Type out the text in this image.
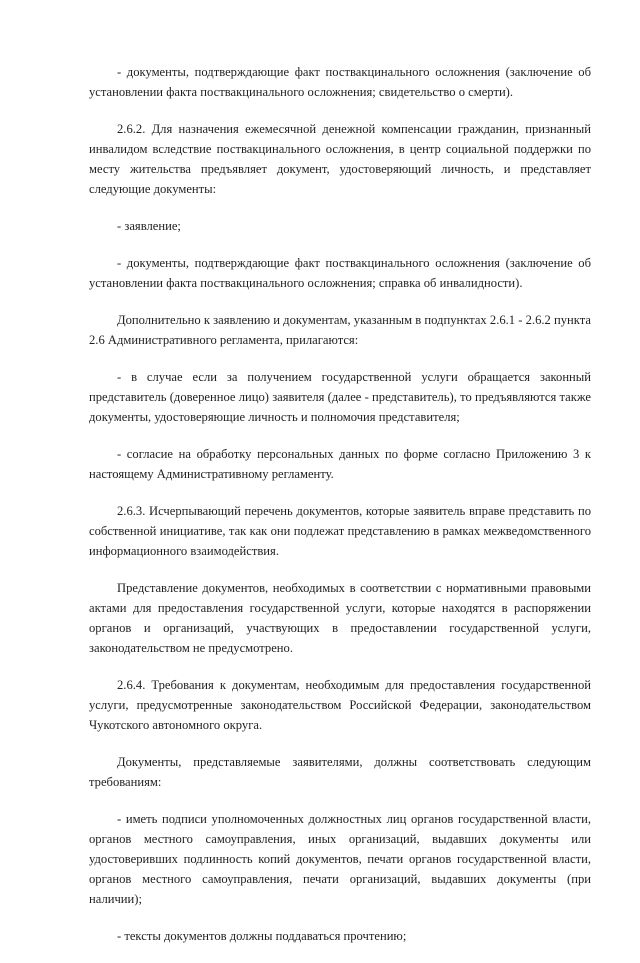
- документы, подтверждающие факт поствакцинального осложнения (заключение об установлении факта поствакцинального осложнения; свидетельство о смерти).

2.6.2. Для назначения ежемесячной денежной компенсации гражданин, признанный инвалидом вследствие поствакцинального осложнения, в центр социальной поддержки по месту жительства предъявляет документ, удостоверяющий личность, и представляет следующие документы:

- заявление;

- документы, подтверждающие факт поствакцинального осложнения (заключение об установлении факта поствакцинального осложнения; справка об инвалидности).

Дополнительно к заявлению и документам, указанным в подпунктах 2.6.1 - 2.6.2 пункта 2.6 Административного регламента, прилагаются:

- в случае если за получением государственной услуги обращается законный представитель (доверенное лицо) заявителя (далее - представитель), то предъявляются также документы, удостоверяющие личность и полномочия представителя;

- согласие на обработку персональных данных по форме согласно Приложению 3 к настоящему Административному регламенту.

2.6.3. Исчерпывающий перечень документов, которые заявитель вправе представить по собственной инициативе, так как они подлежат представлению в рамках межведомственного информационного взаимодействия.

Представление документов, необходимых в соответствии с нормативными правовыми актами для предоставления государственной услуги, которые находятся в распоряжении органов и организаций, участвующих в предоставлении государственной услуги, законодательством не предусмотрено.

2.6.4. Требования к документам, необходимым для предоставления государственной услуги, предусмотренные законодательством Российской Федерации, законодательством Чукотского автономного округа.

Документы, представляемые заявителями, должны соответствовать следующим требованиям:

- иметь подписи уполномоченных должностных лиц органов государственной власти, органов местного самоуправления, иных организаций, выдавших документы или удостоверивших подлинность копий документов, печати органов государственной власти, органов местного самоуправления, печати организаций, выдавших документы (при наличии);

- тексты документов должны поддаваться прочтению;
